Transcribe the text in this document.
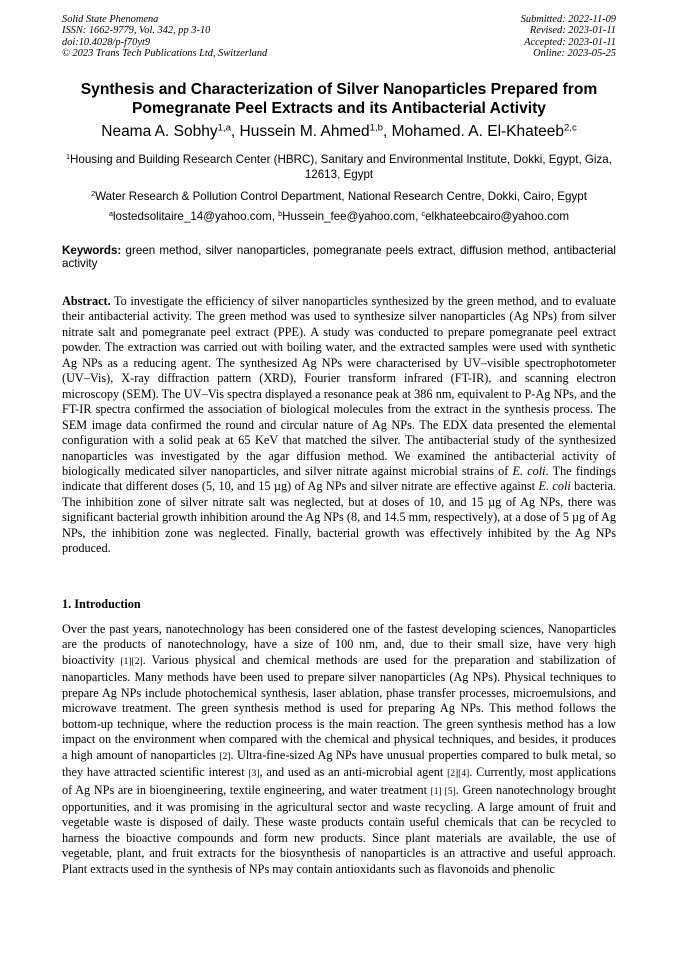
Solid State Phenomena
ISSN: 1662-9779, Vol. 342, pp 3-10
doi:10.4028/p-f70yt9
© 2023 Trans Tech Publications Ltd, Switzerland
Submitted: 2022-11-09
Revised: 2023-01-11
Accepted: 2023-01-11
Online: 2023-05-25
Synthesis and Characterization of Silver Nanoparticles Prepared from Pomegranate Peel Extracts and its Antibacterial Activity
Neama A. Sobhy$^{1,a}$, Hussein M. Ahmed$^{1,b}$, Mohamed. A. El-Khateeb$^{2,c}$
$^1$Housing and Building Research Center (HBRC), Sanitary and Environmental Institute, Dokki, Egypt, Giza, 12613, Egypt
$^2$Water Research & Pollution Control Department, National Research Centre, Dokki, Cairo, Egypt
$^a$lostedsolitaire_14@yahoo.com, $^b$Hussein_fee@yahoo.com, $^c$elkhateebcairo@yahoo.com
Keywords: green method, silver nanoparticles, pomegranate peels extract, diffusion method, antibacterial activity
Abstract. To investigate the efficiency of silver nanoparticles synthesized by the green method, and to evaluate their antibacterial activity. The green method was used to synthesize silver nanoparticles (Ag NPs) from silver nitrate salt and pomegranate peel extract (PPE). A study was conducted to prepare pomegranate peel extract powder. The extraction was carried out with boiling water, and the extracted samples were used with synthetic Ag NPs as a reducing agent. The synthesized Ag NPs were characterised by UV–visible spectrophotometer (UV–Vis), X-ray diffraction pattern (XRD), Fourier transform infrared (FT-IR), and scanning electron microscopy (SEM). The UV–Vis spectra displayed a resonance peak at 386 nm, equivalent to P-Ag NPs, and the FT-IR spectra confirmed the association of biological molecules from the extract in the synthesis process. The SEM image data confirmed the round and circular nature of Ag NPs. The EDX data presented the elemental configuration with a solid peak at 65 KeV that matched the silver. The antibacterial study of the synthesized nanoparticles was investigated by the agar diffusion method. We examined the antibacterial activity of biologically medicated silver nanoparticles, and silver nitrate against microbial strains of E. coli. The findings indicate that different doses (5, 10, and 15 µg) of Ag NPs and silver nitrate are effective against E. coli bacteria. The inhibition zone of silver nitrate salt was neglected, but at doses of 10, and 15 µg of Ag NPs, there was significant bacterial growth inhibition around the Ag NPs (8, and 14.5 mm, respectively), at a dose of 5 µg of Ag NPs, the inhibition zone was neglected. Finally, bacterial growth was effectively inhibited by the Ag NPs produced.
1. Introduction
Over the past years, nanotechnology has been considered one of the fastest developing sciences, Nanoparticles are the products of nanotechnology, have a size of 100 nm, and, due to their small size, have very high bioactivity [1][2]. Various physical and chemical methods are used for the preparation and stabilization of nanoparticles. Many methods have been used to prepare silver nanoparticles (Ag NPs). Physical techniques to prepare Ag NPs include photochemical synthesis, laser ablation, phase transfer processes, microemulsions, and microwave treatment. The green synthesis method is used for preparing Ag NPs. This method follows the bottom-up technique, where the reduction process is the main reaction. The green synthesis method has a low impact on the environment when compared with the chemical and physical techniques, and besides, it produces a high amount of nanoparticles [2]. Ultra-fine-sized Ag NPs have unusual properties compared to bulk metal, so they have attracted scientific interest [3], and used as an anti-microbial agent [2][4]. Currently, most applications of Ag NPs are in bioengineering, textile engineering, and water treatment [1] [5]. Green nanotechnology brought opportunities, and it was promising in the agricultural sector and waste recycling. A large amount of fruit and vegetable waste is disposed of daily. These waste products contain useful chemicals that can be recycled to harness the bioactive compounds and form new products. Since plant materials are available, the use of vegetable, plant, and fruit extracts for the biosynthesis of nanoparticles is an attractive and useful approach. Plant extracts used in the synthesis of NPs may contain antioxidants such as flavonoids and phenolic
